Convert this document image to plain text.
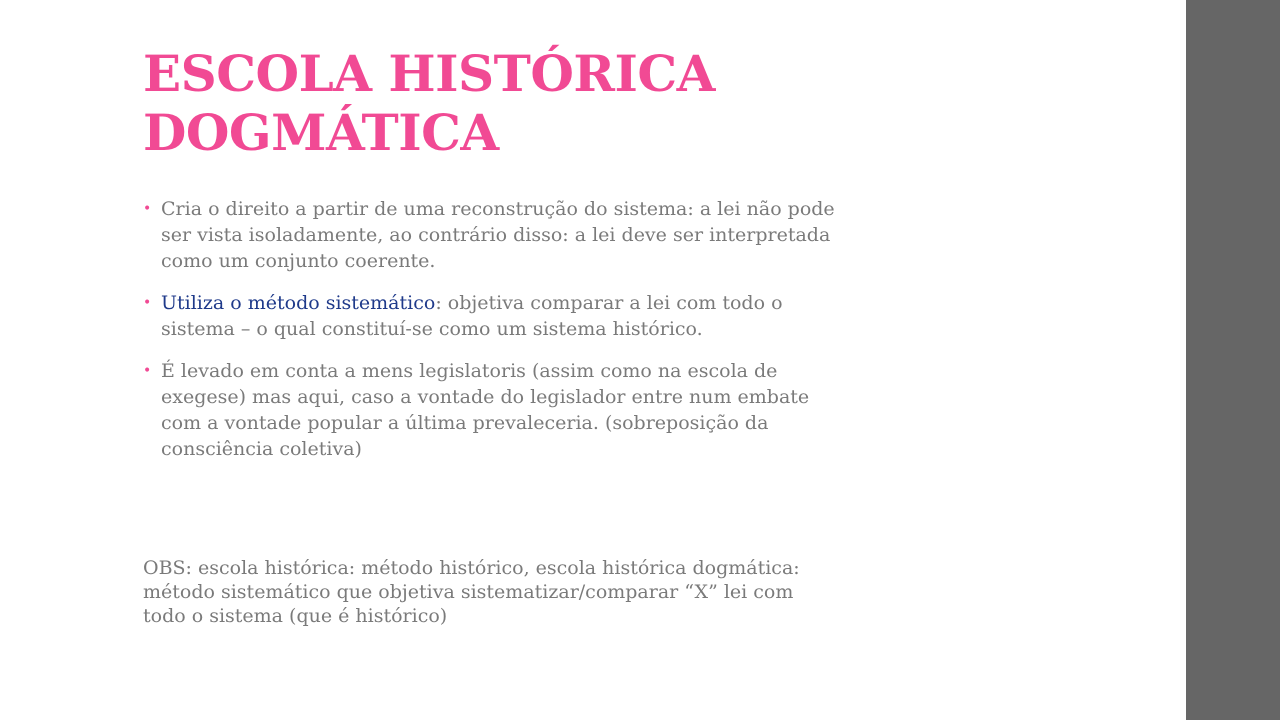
ESCOLA HISTÓRICA
DOGMÁTICA
• Cria o direito a partir de uma reconstrução do sistema: a lei não pode
ser vista isoladamente, ao contrário disso: a lei deve ser interpretada
como um conjunto coerente.
• Utiliza o método sistemático: objetiva comparar a lei com todo o
sistema – o qual constituí-se como um sistema histórico.
• É levado em conta a mens legislatoris (assim como na escola de
exegese) mas aqui, caso a vontade do legislador entre num embate
com a vontade popular a última prevaleceria. (sobreposição da
consciência coletiva)

OBS: escola histórica: método histórico, escola histórica dogmática:
método sistemático que objetiva sistematizar/comparar “X” lei com
todo o sistema (que é histórico)
